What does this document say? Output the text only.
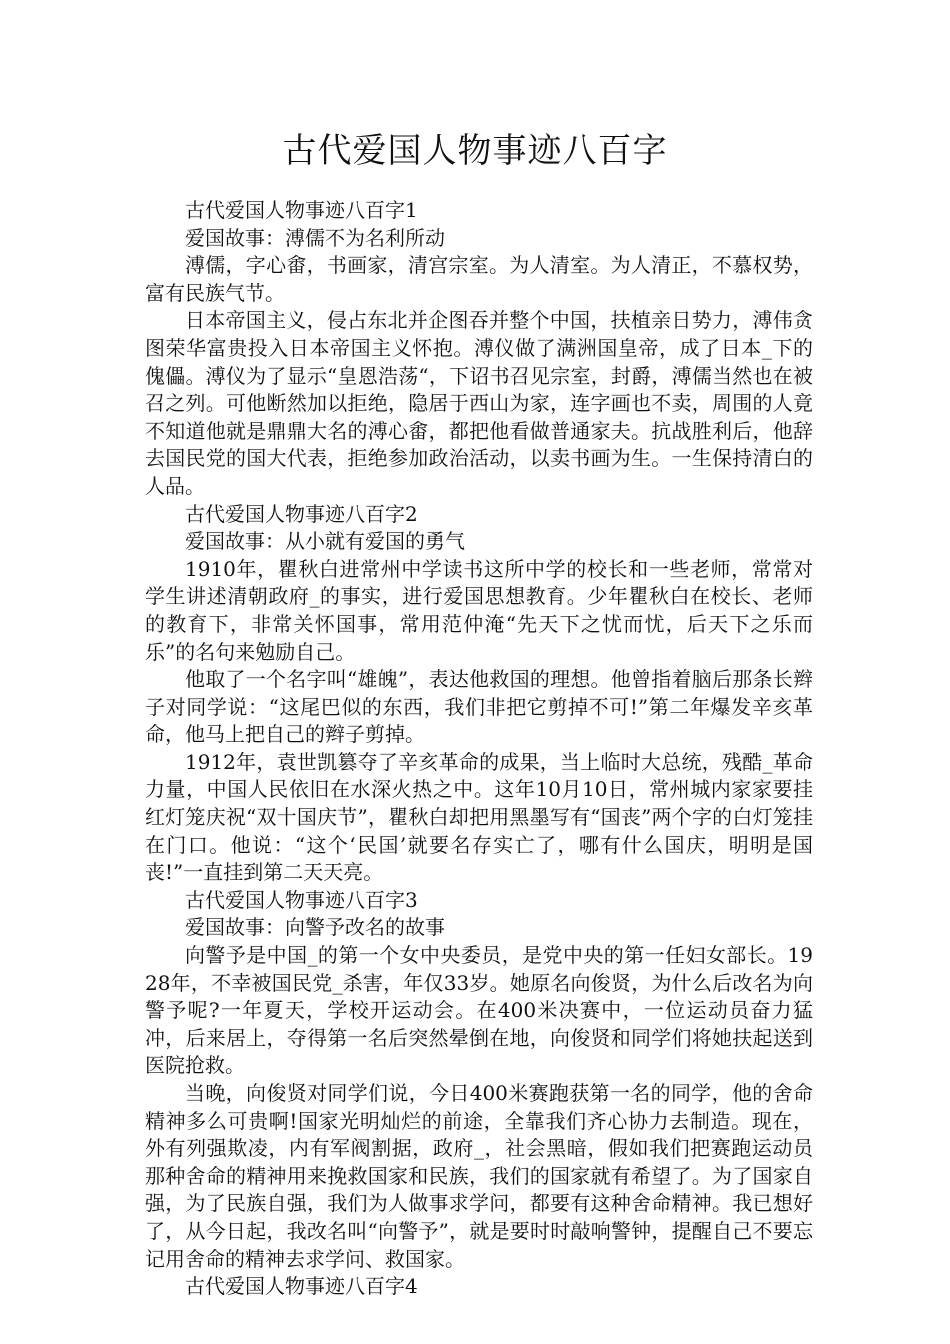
古代爱国人物事迹八百字

古代爱国人物事迹八百字1

爱国故事：溥儒不为名利所动

溥儒，字心畬，书画家，清宫宗室。为人清室。为人清正，不慕权势，富有民族气节。

日本帝国主义，侵占东北并企图吞并整个中国，扶植亲日势力，溥伟贪图荣华富贵投入日本帝国主义怀抱。溥仪做了满洲国皇帝，成了日本_下的傀儡。溥仪为了显示“皇恩浩荡“，下诏书召见宗室，封爵，溥儒当然也在被召之列。可他断然加以拒绝，隐居于西山为家，连字画也不卖，周围的人竟不知道他就是鼎鼎大名的溥心畬，都把他看做普通家夫。抗战胜利后，他辞去国民党的国大代表，拒绝参加政治活动，以卖书画为生。一生保持清白的人品。

古代爱国人物事迹八百字2

爱国故事：从小就有爱国的勇气

1910年，瞿秋白进常州中学读书这所中学的校长和一些老师，常常对学生讲述清朝政府_的事实，进行爱国思想教育。少年瞿秋白在校长、老师的教育下，非常关怀国事，常用范仲淹“先天下之忧而忧，后天下之乐而乐”的名句来勉励自己。

他取了一个名字叫“雄魄”，表达他救国的理想。他曾指着脑后那条长辫子对同学说：“这尾巴似的东西，我们非把它剪掉不可!”第二年爆发辛亥革命，他马上把自己的辫子剪掉。

1912年，袁世凯篡夺了辛亥革命的成果，当上临时大总统，残酷_革命力量，中国人民依旧在水深火热之中。这年10月10日，常州城内家家要挂红灯笼庆祝“双十国庆节”，瞿秋白却把用黑墨写有“国丧”两个字的白灯笼挂在门口。他说：“这个‘民国’就要名存实亡了，哪有什么国庆，明明是国丧!”一直挂到第二天天亮。

古代爱国人物事迹八百字3

爱国故事：向警予改名的故事

向警予是中国_的第一个女中央委员，是党中央的第一任妇女部长。1928年，不幸被国民党_杀害，年仅33岁。她原名向俊贤，为什么后改名为向警予呢?一年夏天，学校开运动会。在400米决赛中，一位运动员奋力猛冲，后来居上，夺得第一名后突然晕倒在地，向俊贤和同学们将她扶起送到医院抢救。

当晚，向俊贤对同学们说，今日400米赛跑获第一名的同学，他的舍命精神多么可贵啊!国家光明灿烂的前途，全靠我们齐心协力去制造。现在，外有列强欺凌，内有军阀割据，政府_，社会黑暗，假如我们把赛跑运动员那种舍命的精神用来挽救国家和民族，我们的国家就有希望了。为了国家自强，为了民族自强，我们为人做事求学问，都要有这种舍命精神。我已想好了，从今日起，我改名叫“向警予”，就是要时时敲响警钟，提醒自己不要忘记用舍命的精神去求学问、救国家。

古代爱国人物事迹八百字4
